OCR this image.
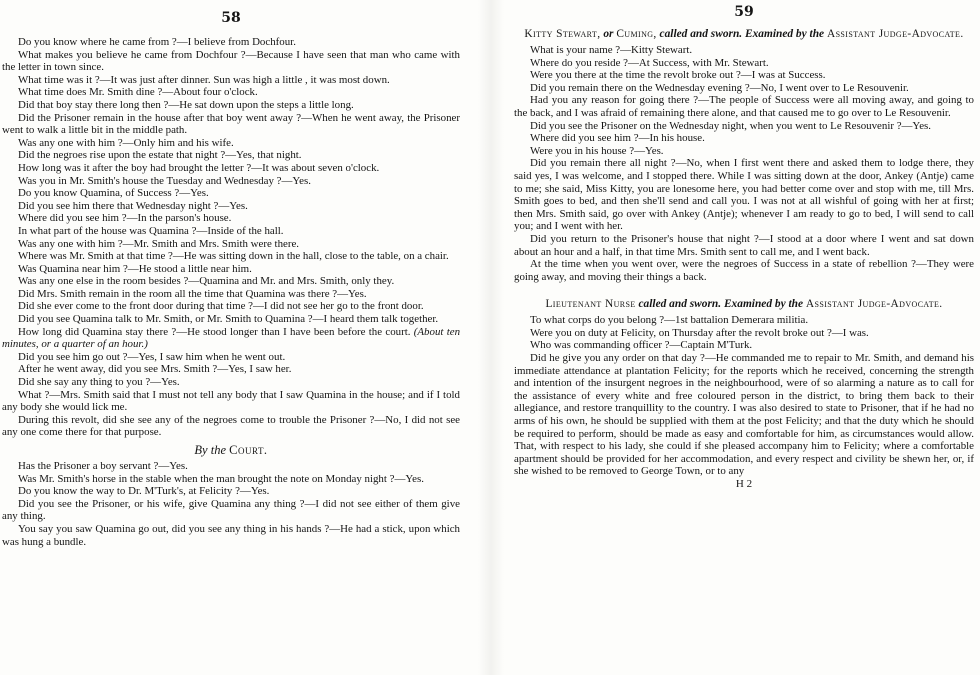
58

Do you know where he came from ?—I believe from Dochfour.

What makes you believe he came from Dochfour ?—Because I have seen that man who came with the letter in town since.

What time was it ?—It was just after dinner. Sun was high a little , it was most down.

What time does Mr. Smith dine ?—About four o'clock.

Did that boy stay there long then ?—He sat down upon the steps a little long.

Did the Prisoner remain in the house after that boy went away ?—When he went away, the Prisoner went to walk a little bit in the middle path.

Was any one with him ?—Only him and his wife.

Did the negroes rise upon the estate that night ?—Yes, that night.

How long was it after the boy had brought the letter ?—It was about seven o'clock.

Was you in Mr. Smith's house the Tuesday and Wednesday ?—Yes.

Do you know Quamina, of Success ?—Yes.

Did you see him there that Wednesday night ?—Yes.

Where did you see him ?—In the parson's house.

In what part of the house was Quamina ?—Inside of the hall.

Was any one with him ?—Mr. Smith and Mrs. Smith were there.

Where was Mr. Smith at that time ?—He was sitting down in the hall, close to the table, on a chair.

Was Quamina near him ?—He stood a little near him.

Was any one else in the room besides ?—Quamina and Mr. and Mrs. Smith, only they.

Did Mrs. Smith remain in the room all the time that Quamina was there ?—Yes.

Did she ever come to the front door during that time ?—I did not see her go to the front door.

Did you see Quamina talk to Mr. Smith, or Mr. Smith to Quamina ?—I heard them talk together.

How long did Quamina stay there ?—He stood longer than I have been before the court. (About ten minutes, or a quarter of an hour.)

Did you see him go out ?—Yes, I saw him when he went out.

After he went away, did you see Mrs. Smith ?—Yes, I saw her.

Did she say any thing to you ?—Yes.

What ?—Mrs. Smith said that I must not tell any body that I saw Quamina in the house; and if I told any body she would lick me.

During this revolt, did she see any of the negroes come to trouble the Prisoner ?—No, I did not see any one come there for that purpose.

By the Court.

Has the Prisoner a boy servant ?—Yes.

Was Mr. Smith's horse in the stable when the man brought the note on Monday night ?—Yes.

Do you know the way to Dr. M'Turk's, at Felicity ?—Yes.

Did you see the Prisoner, or his wife, give Quamina any thing ?—I did not see either of them give any thing.

You say you saw Quamina go out, did you see any thing in his hands ?—He had a stick, upon which was hung a bundle.

59
Kitty Stewart, or Cuming, called and sworn. Examined by the Assistant Judge-Advocate.

What is your name ?—Kitty Stewart.

Where do you reside ?—At Success, with Mr. Stewart.

Were you there at the time the revolt broke out ?—I was at Success.

Did you remain there on the Wednesday evening ?—No, I went over to Le Resouvenir.

Had you any reason for going there ?—The people of Success were all moving away, and going to the back, and I was afraid of remaining there alone, and that caused me to go over to Le Resouvenir.

Did you see the Prisoner on the Wednesday night, when you went to Le Resouvenir ?—Yes.

Where did you see him ?—In his house.

Were you in his house ?—Yes.

Did you remain there all night ?—No, when I first went there and asked them to lodge there, they said yes, I was welcome, and I stopped there. While I was sitting down at the door, Ankey (Antje) came to me; she said, Miss Kitty, you are lonesome here, you had better come over and stop with me, till Mrs. Smith goes to bed, and then she'll send and call you. I was not at all wishful of going with her at first; then Mrs. Smith said, go over with Ankey (Antje); whenever I am ready to go to bed, I will send to call you; and I went with her.

Did you return to the Prisoner's house that night ?—I stood at a door where I went and sat down about an hour and a half, in that time Mrs. Smith sent to call me, and I went back.

At the time when you went over, were the negroes of Success in a state of rebellion ?—They were going away, and moving their things a back.

Lieutenant Nurse called and sworn. Examined by the Assistant Judge-Advocate.

To what corps do you belong ?—1st battalion Demerara militia.

Were you on duty at Felicity, on Thursday after the revolt broke out ?—I was.

Who was commanding officer ?—Captain M'Turk.

Did he give you any order on that day ?—He commanded me to repair to Mr. Smith, and demand his immediate attendance at plantation Felicity; for the reports which he received, concerning the strength and intention of the insurgent negroes in the neighbourhood, were of so alarming a nature as to call for the assistance of every white and free coloured person in the district, to bring them back to their allegiance, and restore tranquillity to the country. I was also desired to state to Prisoner, that if he had no arms of his own, he should be supplied with them at the post Felicity; and that the duty which he should be required to perform, should be made as easy and comfortable for him, as circumstances would allow. That, with respect to his lady, she could if she pleased accompany him to Felicity; where a comfortable apartment should be provided for her accommodation, and every respect and civility be shewn her, or, if she wished to be removed to George Town, or to any

H 2
